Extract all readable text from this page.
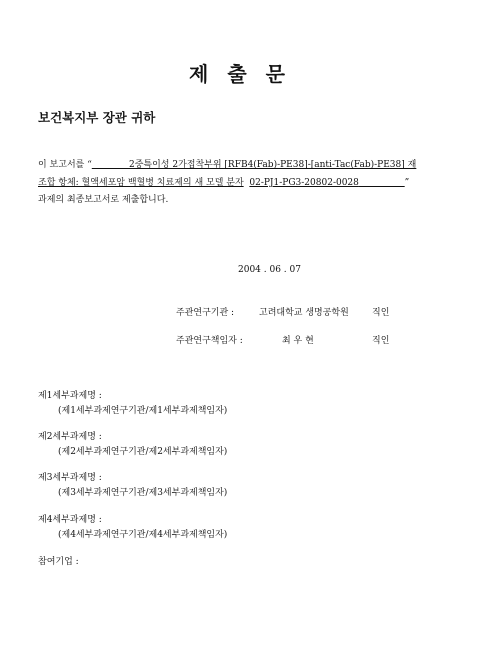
제 출 문
보건복지부 장관 귀하
이 보고서를 “	2중특이성 2가접착부위 [RFB4(Fab)-PE38]-[anti-Tac(Fab)-PE38] 재
조합 항체: 혈액세포암 백혈병 치료제의 새 모델 분자 02-PJ1-PG3-20802-0028	”
과제의 최종보고서로 제출합니다.
2004 . 06 . 07
주관연구기관 :	고려대학교 생명공학원	직인
주관연구책임자 :	최 우 현	직인
제1세부과제명 :
(제1세부과제연구기관/제1세부과제책임자)
제2세부과제명 :
(제2세부과제연구기관/제2세부과제책임자)
제3세부과제명 :
(제3세부과제연구기관/제3세부과제책임자)
제4세부과제명 :
(제4세부과제연구기관/제4세부과제책임자)
참여기업 :
